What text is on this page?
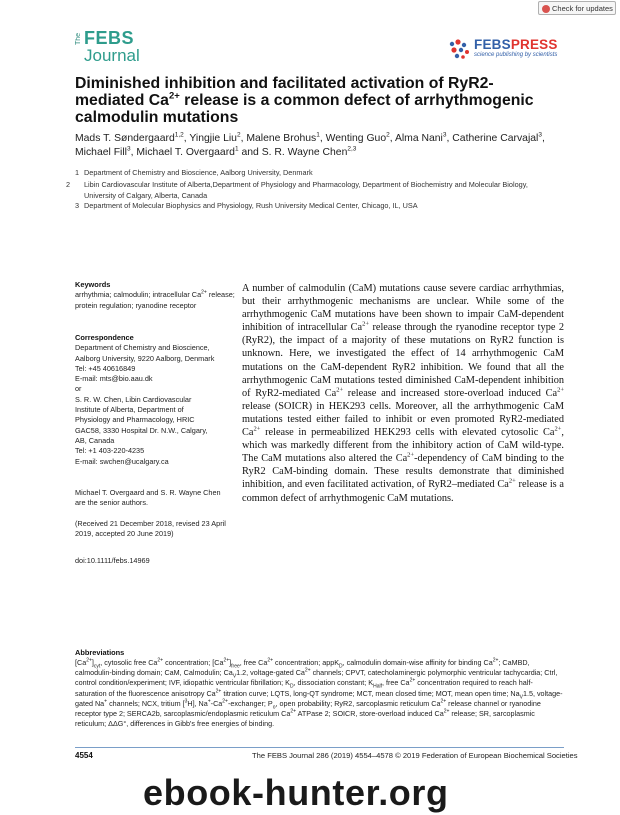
Check for updates
The FEBS
Journal
FEBSPRESS
science publishing by scientists
Diminished inhibition and facilitated activation of RyR2-mediated $Ca^{2+}$ release is a common defect of arrhythmogenic calmodulin mutations
Mads T. Søndergaard$^{1,2}$, Yingjie Liu$^2$, Malene Brohus$^1$, Wenting Guo$^2$, Alma Nani$^3$, Catherine Carvajal$^3$, Michael Fill$^3$, Michael T. Overgaard$^1$ and S. R. Wayne Chen$^{2,3}$
1 Department of Chemistry and Bioscience, Aalborg University, Denmark
2 Libin Cardiovascular Institute of Alberta,Department of Physiology and Pharmacology, Department of Biochemistry and Molecular Biology, University of Calgary, Alberta, Canada
3 Department of Molecular Biophysics and Physiology, Rush University Medical Center, Chicago, IL, USA
Keywords
arrhythmia; calmodulin; intracellular $Ca^{2+}$ release; protein regulation; ryanodine receptor
Correspondence
Department of Chemistry and Bioscience,
Aalborg University, 9220 Aalborg, Denmark
Tel: +45 40616849
E-mail: mts@bio.aau.dk
or
S. R. W. Chen, Libin Cardiovascular
Institute of Alberta, Department of
Physiology and Pharmacology, HRIC
GAC58, 3330 Hospital Dr. N.W., Calgary,
AB, Canada
Tel: +1 403-220-4235
E-mail: swchen@ucalgary.ca
Michael T. Overgaard and S. R. Wayne Chen are the senior authors.
(Received 21 December 2018, revised 23 April 2019, accepted 20 June 2019)
doi:10.1111/febs.14969
A number of calmodulin (CaM) mutations cause severe cardiac arrhythmias, but their arrhythmogenic mechanisms are unclear. While some of the arrhythmogenic CaM mutations have been shown to impair CaM-dependent inhibition of intracellular $Ca^{2+}$ release through the ryanodine receptor type 2 (RyR2), the impact of a majority of these mutations on RyR2 function is unknown. Here, we investigated the effect of 14 arrhythmogenic CaM mutations on the CaM-dependent RyR2 inhibition. We found that all the arrhythmogenic CaM mutations tested diminished CaM-dependent inhibition of RyR2-mediated $Ca^{2+}$ release and increased store-overload induced $Ca^{2+}$ release (SOICR) in HEK293 cells. Moreover, all the arrhythmogenic CaM mutations tested either failed to inhibit or even promoted RyR2-mediated $Ca^{2+}$ release in permeabilized HEK293 cells with elevated cytosolic $Ca^{2+}$, which was markedly different from the inhibitory action of CaM wild-type. The CaM mutations also altered the $Ca^{2+}$-dependency of CaM binding to the RyR2 CaM-binding domain. These results demonstrate that diminished inhibition, and even facilitated activation, of RyR2–mediated $Ca^{2+}$ release is a common defect of arrhythmogenic CaM mutations.
Abbreviations
$[Ca^{2+}]_{cyt}$, cytosolic free $Ca^{2+}$ concentration; $[Ca^{2+}]_{free}$, free $Ca^{2+}$ concentration; appK$_D$, calmodulin domain-wise affinity for binding $Ca^{2+}$; CaMBD, calmodulin-binding domain; CaM, Calmodulin; $Ca_V1.2$, voltage-gated $Ca^{2+}$ channels; CPVT, catecholaminergic polymorphic ventricular tachycardia; Ctrl, control condition/experiment; IVF, idiopathic ventricular fibrillation; $K_D$, dissociation constant; $K_{Half}$, free $Ca^{2+}$ concentration required to reach half-saturation of the fluorescence anisotropy $Ca^{2+}$ titration curve; LQTS, long-QT syndrome; MCT, mean closed time; MOT, mean open time; $Na_V1.5$, voltage-gated Na+ channels; NCX, tritium [$^3$H], $Na^+-Ca^{2+}$-exchanger; $P_o$, open probability; RyR2, sarcoplasmic reticulum $Ca^{2+}$ release channel or ryanodine receptor type 2; SERCA2b, sarcoplasmic/endoplasmic reticulum $Ca^{2+}$ ATPase 2; SOICR, store-overload induced $Ca^{2+}$ release; SR, sarcoplasmic reticulum; ΔΔG°, differences in Gibb's free energies of binding.
4554	The FEBS Journal 286 (2019) 4554–4578 © 2019 Federation of European Biochemical Societies
ebook-hunter.org
